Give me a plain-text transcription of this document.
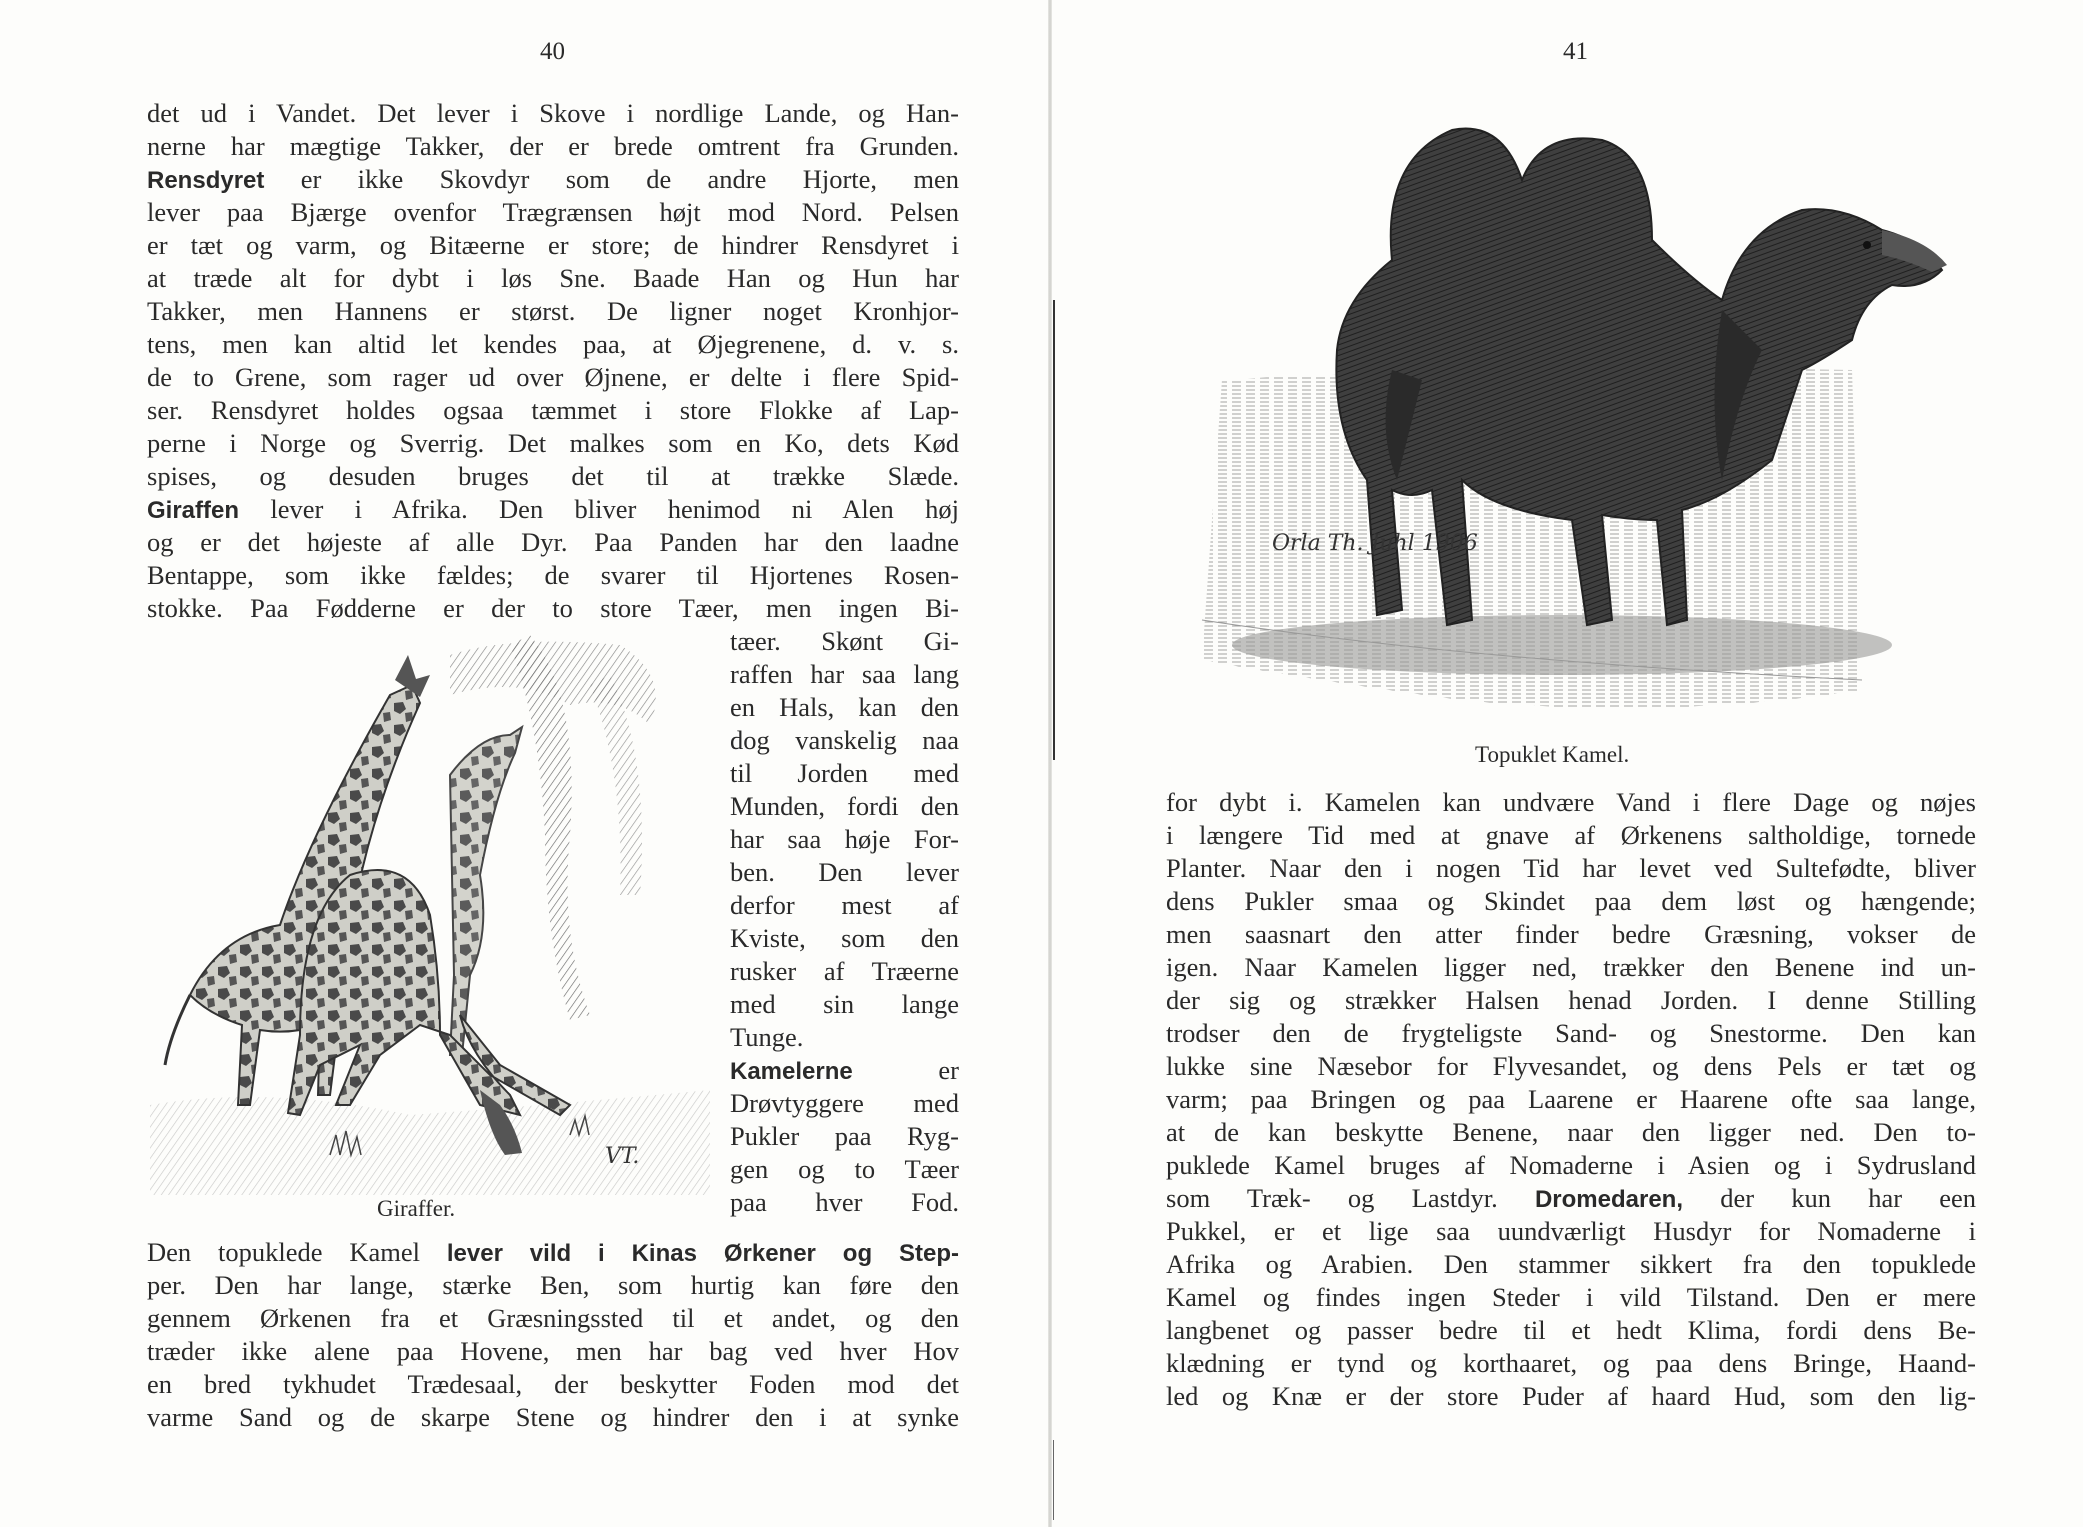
40
det ud i Vandet. Det lever i Skove i nordlige Lande, og Han-
nerne har mægtige Takker, der er brede omtrent fra Grunden.
Rensdyret er ikke Skovdyr som de andre Hjorte, men
lever paa Bjærge ovenfor Trægrænsen højt mod Nord. Pelsen
er tæt og varm, og Bitæerne er store; de hindrer Rensdyret i
at træde alt for dybt i løs Sne. Baade Han og Hun har
Takker, men Hannens er størst. De ligner noget Kronhjor-
tens, men kan altid let kendes paa, at Øjegrenene, d. v. s.
de to Grene, som rager ud over Øjnene, er delte i flere Spid-
ser. Rensdyret holdes ogsaa tæmmet i store Flokke af Lap-
perne i Norge og Sverrig. Det malkes som en Ko, dets Kød
spises, og desuden bruges det til at trække Slæde.
Giraffen lever i Afrika. Den bliver henimod ni Alen høj
og er det højeste af alle Dyr. Paa Panden har den laadne
Bentappe, som ikke fældes; de svarer til Hjortenes Rosen-
stokke. Paa Fødderne er der to store Tæer, men ingen Bi-
tæer. Skønt Gi-
raffen har saa lang
en Hals, kan den
dog vanskelig naa
til Jorden med
Munden, fordi den
har saa høje For-
ben. Den lever
derfor mest af
Kviste, som den
rusker af Træerne
med sin lange
Tunge.
Kamelerne er
Drøvtyggere med
Pukler paa Ryg-
gen og to Tæer
paa hver Fod.
VT.
Giraffer.
Den topuklede Kamel lever vild i Kinas Ørkener og Step-
per. Den har lange, stærke Ben, som hurtig kan føre den
gennem Ørkenen fra et Græsningssted til et andet, og den
træder ikke alene paa Hovene, men har bag ved hver Hov
en bred tykhudet Trædesaal, der beskytter Foden mod det
varme Sand og de skarpe Stene og hindrer den i at synke
41
Orla Th. Juhl 1906
Topuklet Kamel.
for dybt i. Kamelen kan undvære Vand i flere Dage og nøjes
i længere Tid med at gnave af Ørkenens saltholdige, tornede
Planter. Naar den i nogen Tid har levet ved Sultefødte, bliver
dens Pukler smaa og Skindet paa dem løst og hængende;
men saasnart den atter finder bedre Græsning, vokser de
igen. Naar Kamelen ligger ned, trækker den Benene ind un-
der sig og strækker Halsen henad Jorden. I denne Stilling
trodser den de frygteligste Sand- og Snestorme. Den kan
lukke sine Næsebor for Flyvesandet, og dens Pels er tæt og
varm; paa Bringen og paa Laarene er Haarene ofte saa lange,
at de kan beskytte Benene, naar den ligger ned. Den to-
puklede Kamel bruges af Nomaderne i Asien og i Sydrusland
som Træk- og Lastdyr. Dromedaren, der kun har een
Pukkel, er et lige saa uundværligt Husdyr for Nomaderne i
Afrika og Arabien. Den stammer sikkert fra den topuklede
Kamel og findes ingen Steder i vild Tilstand. Den er mere
langbenet og passer bedre til et hedt Klima, fordi dens Be-
klædning er tynd og korthaaret, og paa dens Bringe, Haand-
led og Knæ er der store Puder af haard Hud, som den lig-
